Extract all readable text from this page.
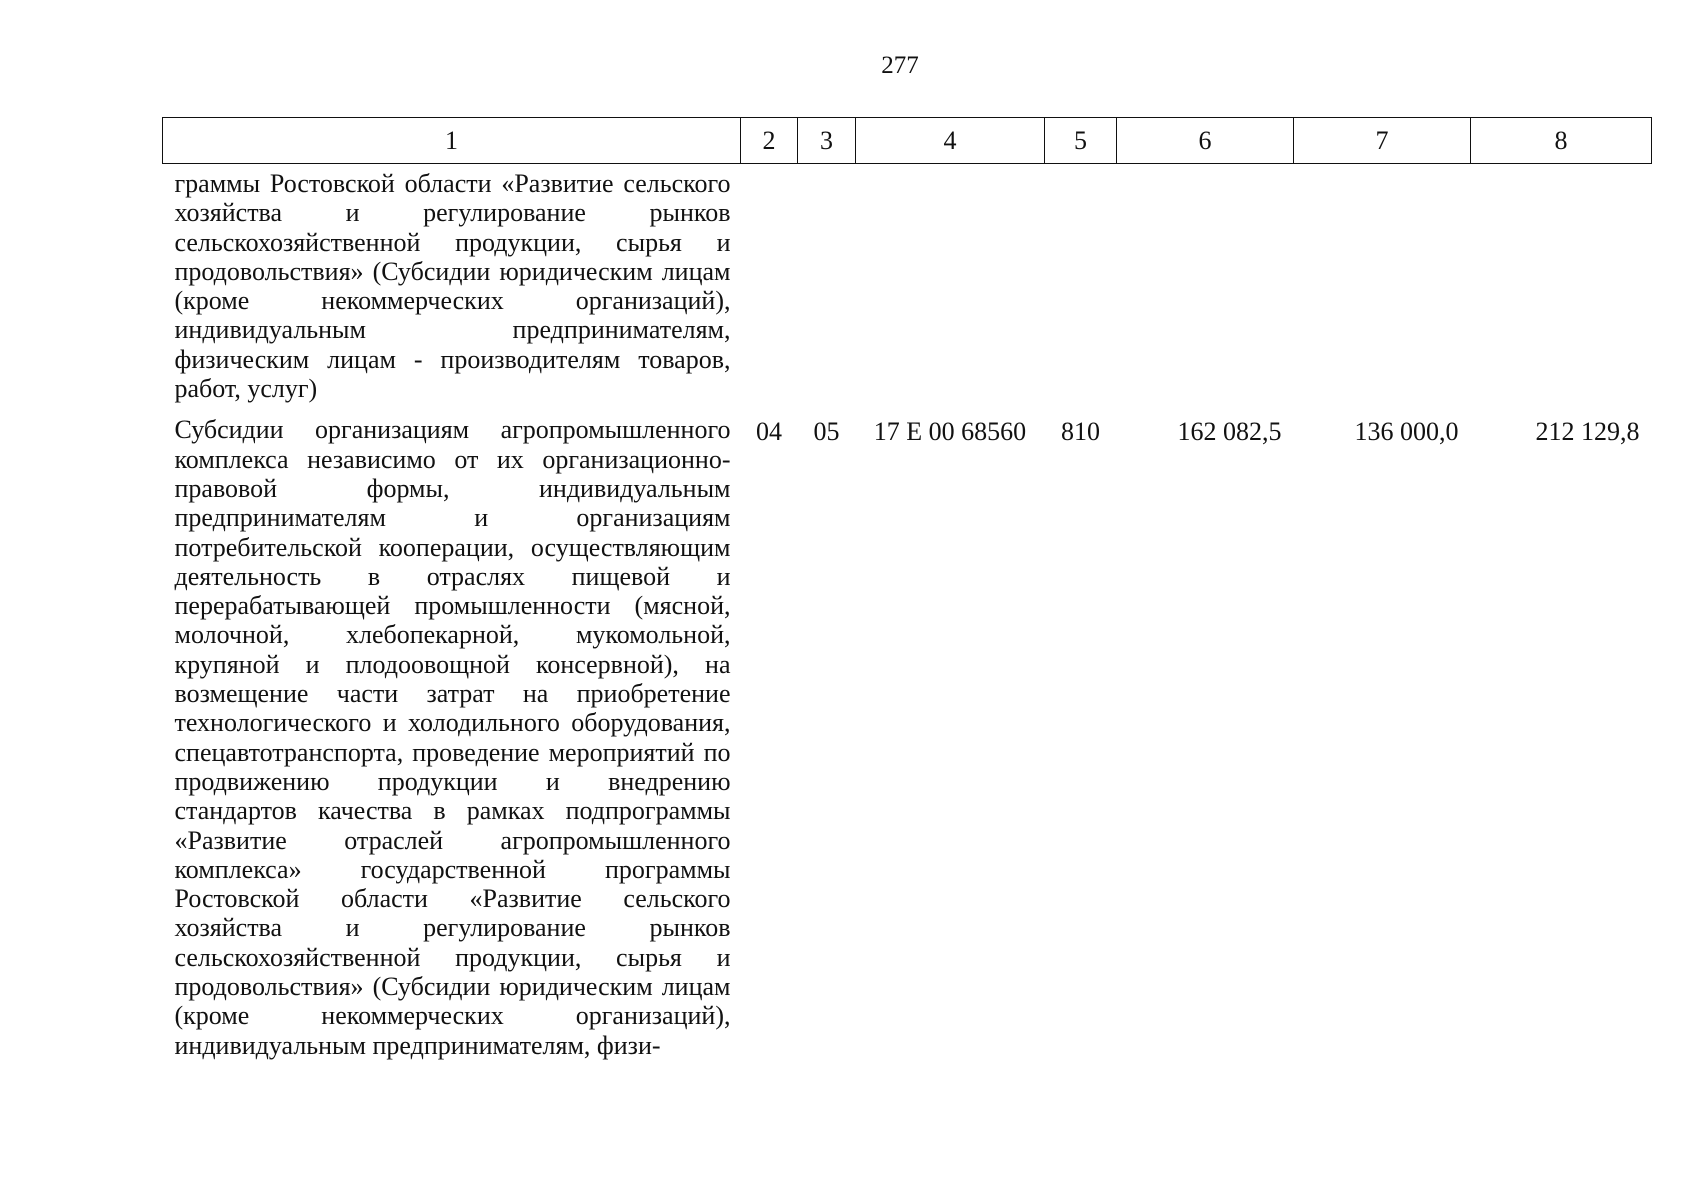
277
1	2	3	4	5	6	7	8
граммы Ростовской области «Развитие сельского хозяйства и регулирование рынков сельскохозяйственной продукции, сырья и продовольствия» (Субсидии юридическим лицам (кроме некоммерческих организаций), индивидуальным предпринимателям, физическим лицам - производителям товаров, работ, услуг)							
Субсидии организациям агропромышленного комплекса независимо от их организационно-правовой формы, индивидуальным предпринимателям и организациям потребительской кооперации, осуществляющим деятельность в отраслях пищевой и перерабатывающей промышленности (мясной, молочной, хлебопекарной, мукомольной, крупяной и плодоовощной консервной), на возмещение части затрат на приобретение технологического и холодильного оборудования, спецавтотранспорта, проведение мероприятий по продвижению продукции и внедрению стандартов качества в рамках подпрограммы «Развитие отраслей агропромышленного комплекса» государственной программы Ростовской области «Развитие сельского хозяйства и регулирование рынков сельскохозяйственной продукции, сырья и продовольствия» (Субсидии юридическим лицам (кроме некоммерческих организаций), индивидуальным предпринимателям, физи-	04	05	17 Е 00 68560	810	162 082,5	136 000,0	212 129,8
